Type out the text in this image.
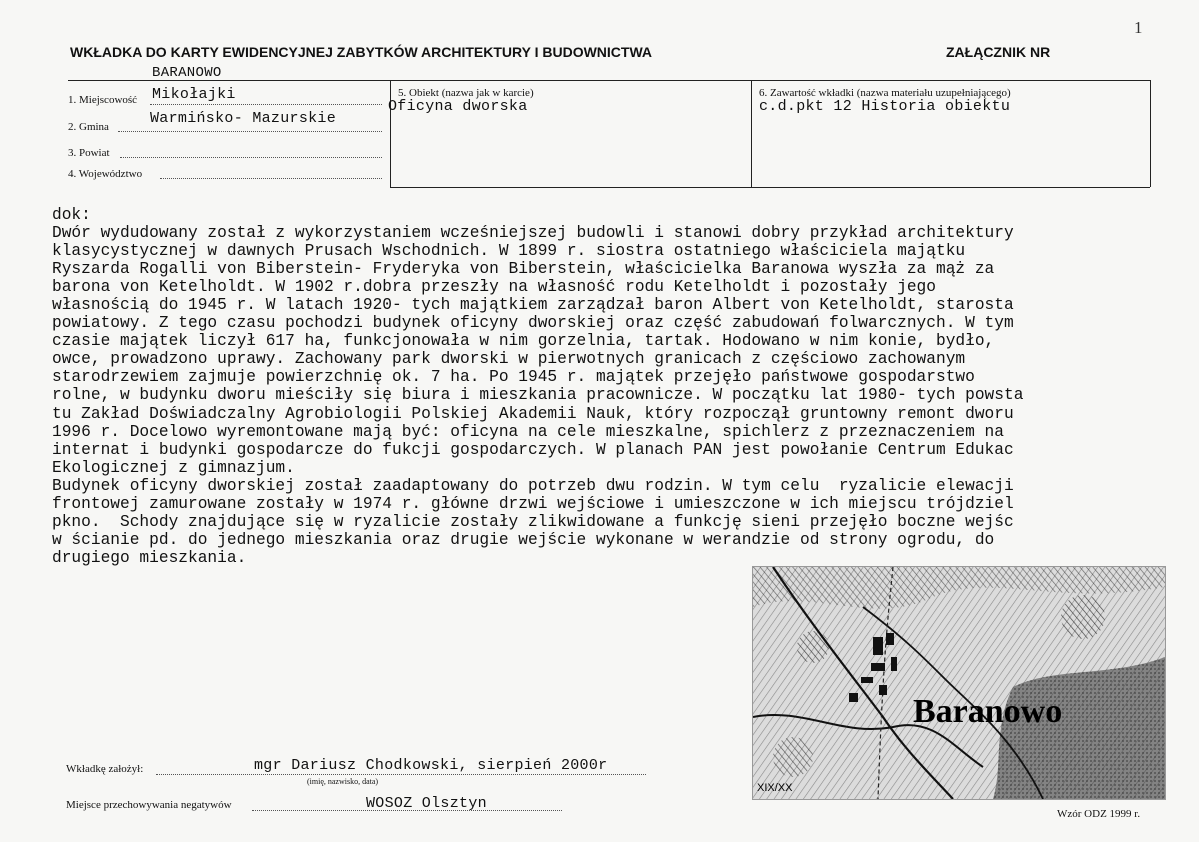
1
WKŁADKA DO KARTY EWIDENCYJNEJ ZABYTKÓW ARCHITEKTURY I BUDOWNICTWA	ZAŁĄCZNIK NR
BARANOWO
1. Miejscowość Mikołajki
2. Gmina	Warmińsko- Mazurskie
3. Powiat
4. Województwo
5. Obiekt (nazwa jak w karcie)
Oficyna dworska
6. Zawartość wkładki (nazwa materiału uzupełniającego)
c.d.pkt 12 Historia obiektu
dok:
Dwór wydudowany został z wykorzystaniem wcześniejszej budowli i stanowi dobry przykład architektury
klasycystycznej w dawnych Prusach Wschodnich. W 1899 r. siostra ostatniego właściciela majątku
Ryszarda Rogalli von Biberstein- Fryderyka von Biberstein, właścicielka Baranowa wyszła za mąż za
barona von Ketelholdt. W 1902 r.dobra przeszły na własność rodu Ketelholdt i pozostały jego
własnością do 1945 r. W latach 1920- tych majątkiem zarządzał baron Albert von Ketelholdt, starosta
powiatowy. Z tego czasu pochodzi budynek oficyny dworskiej oraz część zabudowań folwarcznych. W tym
czasie majątek liczył 617 ha, funkcjonowała w nim gorzelnia, tartak. Hodowano w nim konie, bydło,
owce, prowadzono uprawy. Zachowany park dworski w pierwotnych granicach z częściowo zachowanym
starodrzewiem zajmuje powierzchnię ok. 7 ha. Po 1945 r. majątek przejęło państwowe gospodarstwo
rolne, w budynku dworu mieściły się biura i mieszkania pracownicze. W początku lat 1980- tych powsta
tu Zakład Doświadczalny Agrobiologii Polskiej Akademii Nauk, który rozpoczął gruntowny remont dworu
1996 r. Docelowo wyremontowane mają być: oficyna na cele mieszkalne, spichlerz z przeznaczeniem na
internat i budynki gospodarcze do fukcji gospodarczych. W planach PAN jest powołanie Centrum Edukac
Ekologicznej z gimnazjum.
Budynek oficyny dworskiej został zaadaptowany do potrzeb dwu rodzin. W tym celu  ryzalicie elewacji
frontowej zamurowane zostały w 1974 r. główne drzwi wejściowe i umieszczone w ich miejscu trójdziel
pkno.  Schody znajdujące się w ryzalicie zostały zlikwidowane a funkcję sieni przejęło boczne wejśc
w ścianie pd. do jednego mieszkania oraz drugie wejście wykonane w werandzie od strony ogrodu, do
drugiego mieszkania.
Baranowo
XIX/XX
Wkładkę założył:	mgr Dariusz Chodkowski, sierpień 2000r
(imię, nazwisko, data)
Miejsce przechowywania negatywów	WOSOZ Olsztyn
Wzór ODZ 1999 r.
